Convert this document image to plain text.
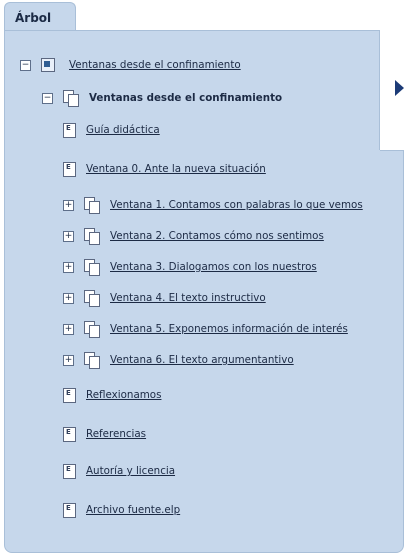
Árbol
−	Ventanas desde el confinamiento
−	Ventanas desde el confinamiento
E
Guía didáctica
E
Ventana 0. Ante la nueva situación
+	Ventana 1. Contamos con palabras lo que vemos
+	Ventana 2. Contamos cómo nos sentimos
+	Ventana 3. Dialogamos con los nuestros
+	Ventana 4. El texto instructivo
+	Ventana 5. Exponemos información de interés
+	Ventana 6. El texto argumentantivo
E
Reflexionamos
E
Referencias
E
Autoría y licencia
E
Archivo fuente.elp
